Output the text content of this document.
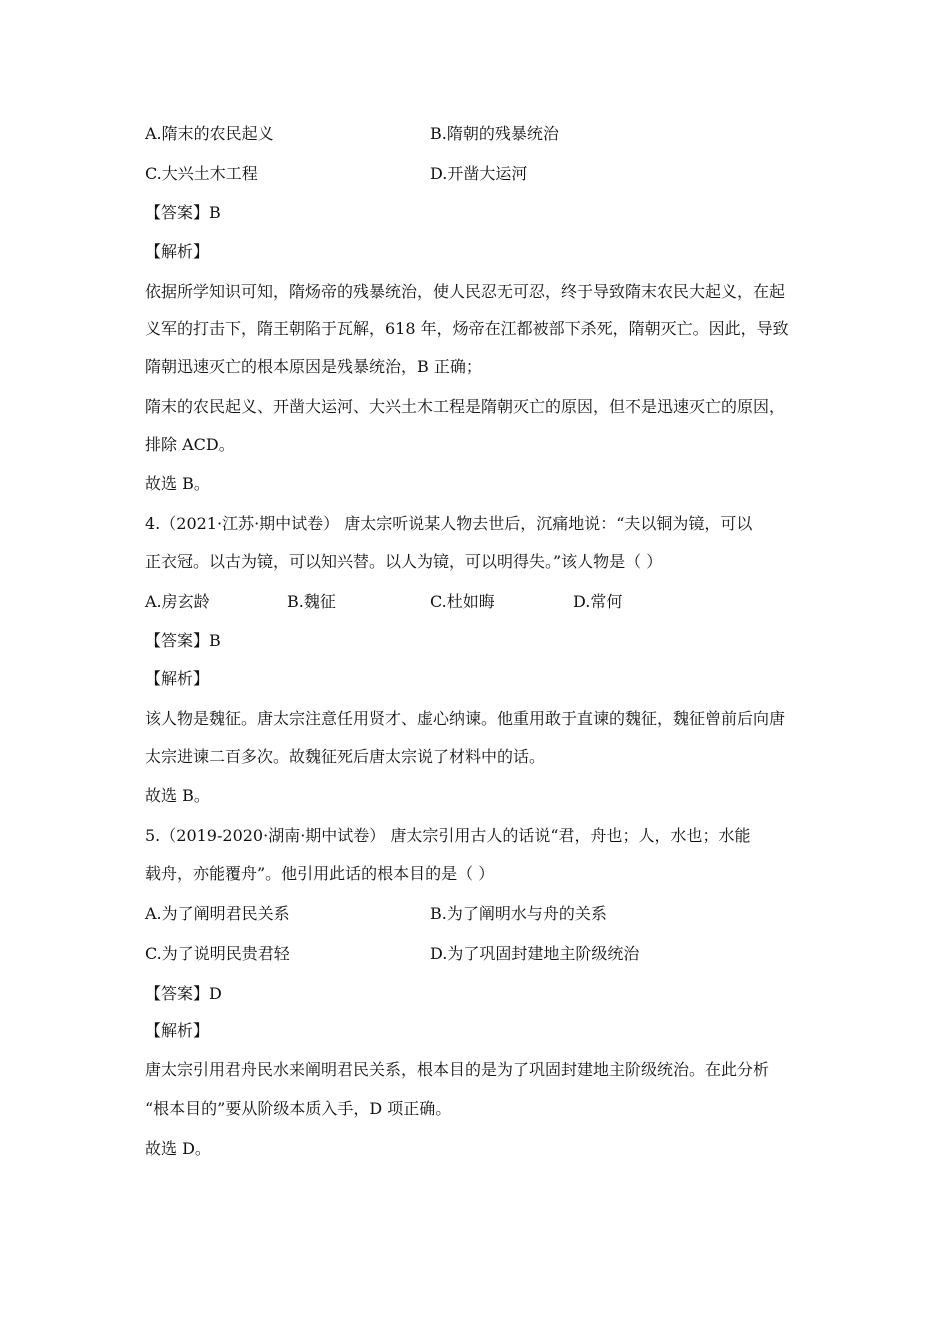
A.隋末的农民起义	B.隋朝的残暴统治
C.大兴土木工程	D.开凿大运河
【答案】B
【解析】
依据所学知识可知，隋炀帝的残暴统治，使人民忍无可忍，终于导致隋末农民大起义，在起
义军的打击下，隋王朝陷于瓦解，618 年，炀帝在江都被部下杀死，隋朝灭亡。因此，导致
隋朝迅速灭亡的根本原因是残暴统治，B 正确；
隋末的农民起义、开凿大运河、大兴土木工程是隋朝灭亡的原因，但不是迅速灭亡的原因，
排除 ACD。
故选 B。
4.（2021·江苏·期中试卷） 唐太宗听说某人物去世后，沉痛地说：“夫以铜为镜，可以
正衣冠。以古为镜，可以知兴替。以人为镜，可以明得失。”该人物是（ ）
A.房玄龄	B.魏征	C.杜如晦	D.常何
【答案】B
【解析】
该人物是魏征。唐太宗注意任用贤才、虚心纳谏。他重用敢于直谏的魏征，魏征曾前后向唐
太宗进谏二百多次。故魏征死后唐太宗说了材料中的话。
故选 B。
5.（2019-2020·湖南·期中试卷） 唐太宗引用古人的话说“君，舟也；人，水也；水能
载舟，亦能覆舟”。他引用此话的根本目的是（ ）
A.为了阐明君民关系	B.为了阐明水与舟的关系
C.为了说明民贵君轻	D.为了巩固封建地主阶级统治
【答案】D
【解析】
唐太宗引用君舟民水来阐明君民关系，根本目的是为了巩固封建地主阶级统治。在此分析
“根本目的”要从阶级本质入手，D 项正确。
故选 D。
